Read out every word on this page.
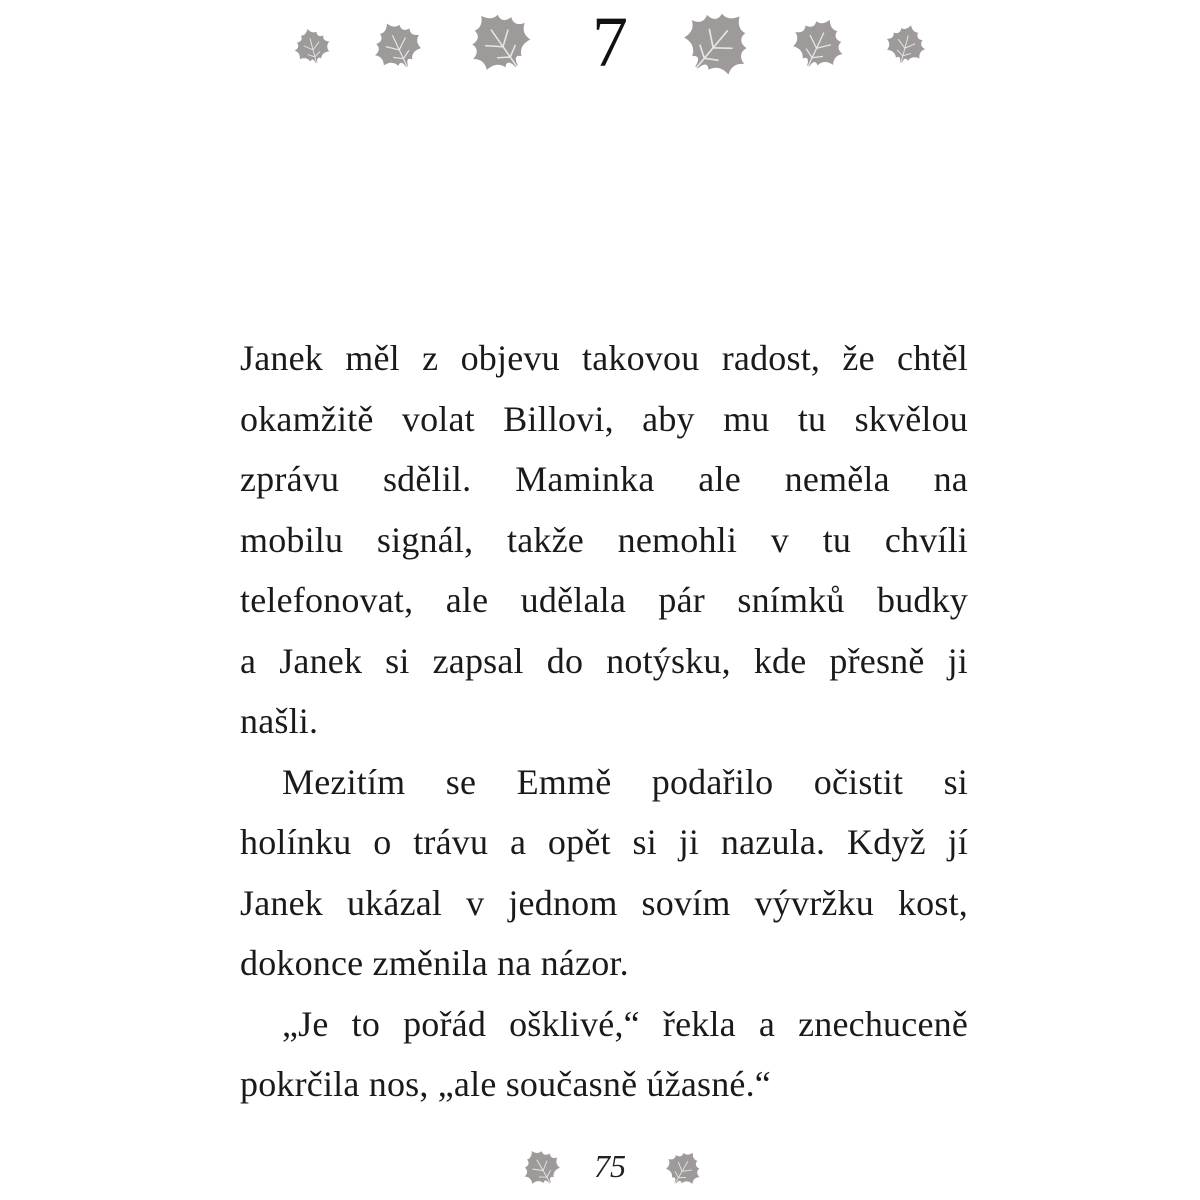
7

Janek měl z objevu takovou radost, že chtěl
okamžitě volat Billovi, aby mu tu skvělou
zprávu sdělil. Maminka ale neměla na
mobilu signál, takže nemohli v tu chvíli
telefonovat, ale udělala pár snímků budky
a Janek si zapsal do notýsku, kde přesně ji
našli.

Mezitím se Emmě podařilo očistit si
holínku o trávu a opět si ji nazula. Když jí
Janek ukázal v jednom sovím vývržku kost,
dokonce změnila na názor.

„Je to pořád ošklivé,“ řekla a znechuceně
pokrčila nos, „ale současně úžasné.“

75
